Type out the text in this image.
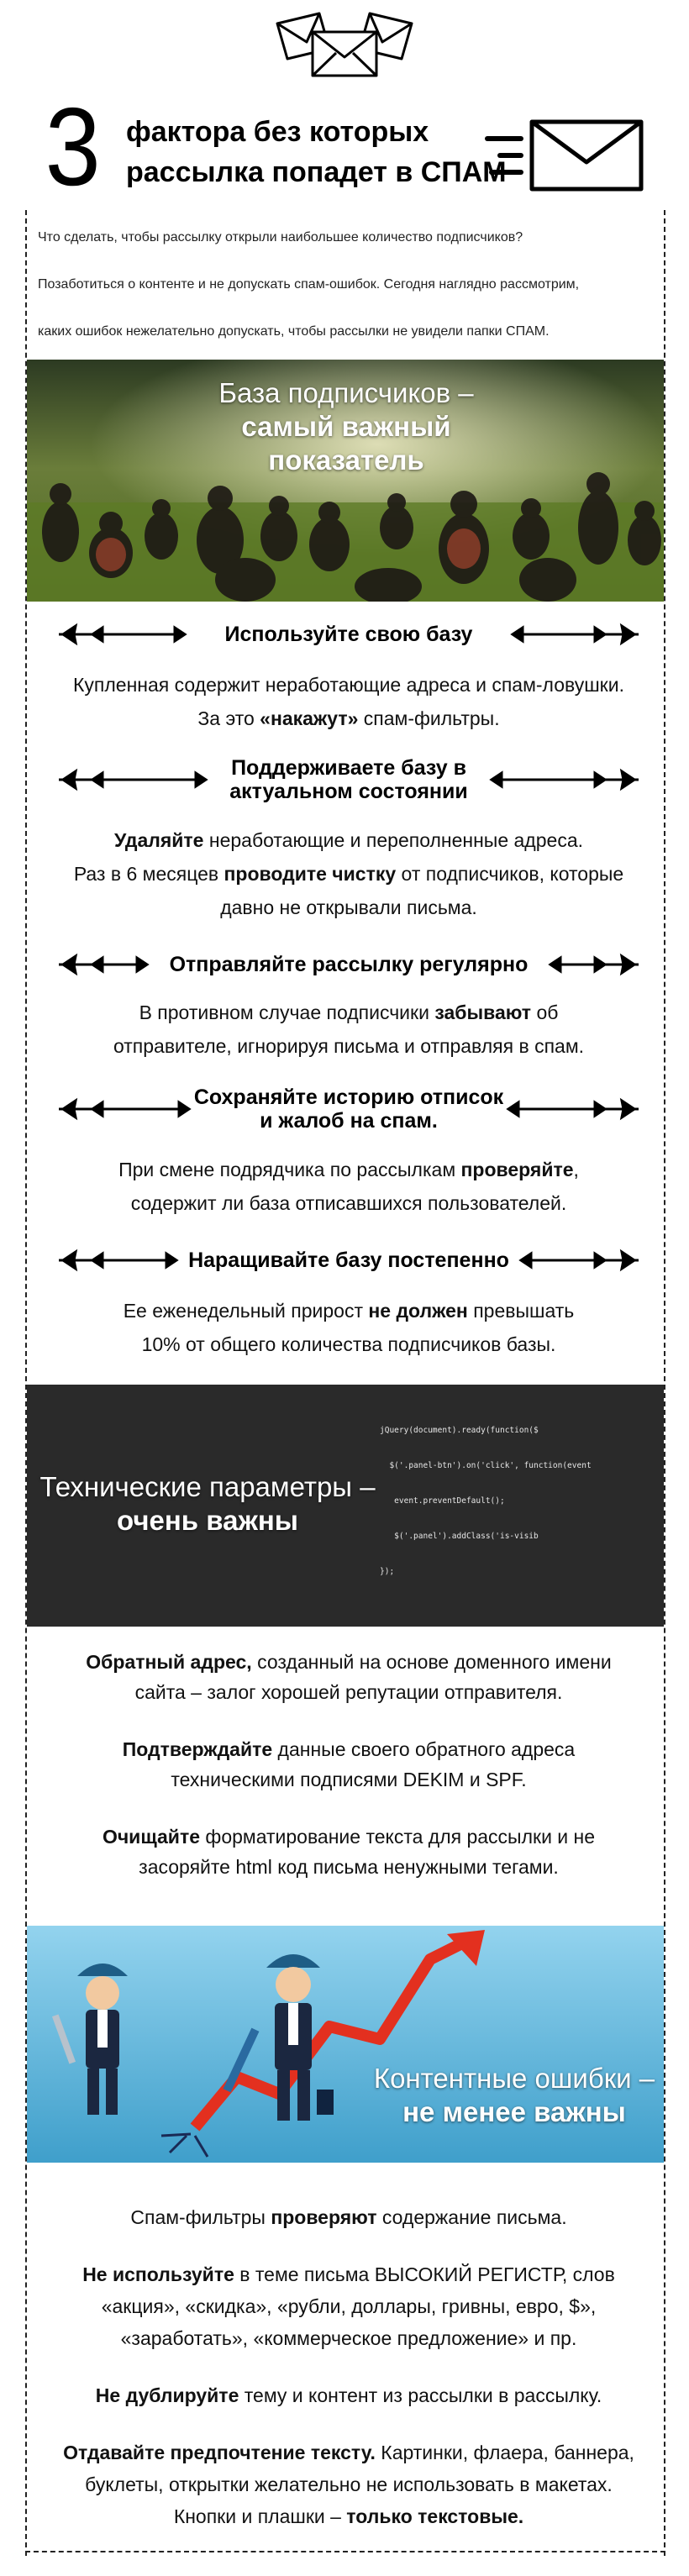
3 фактора без которых
рассылка попадет в СПАМ

Что сделать, чтобы рассылку открыли наибольшее количество подписчиков?

Позаботиться о контенте и не допускать спам-ошибок. Сегодня наглядно рассмотрим,

каких ошибок нежелательно допускать, чтобы рассылки не увидели папки СПАМ.

База подписчиков –
самый важный показатель
Используйте свою базу
Купленная содержит неработающие адреса и спам-ловушки.
За это «накажут» спам-фильтры.
Поддерживаете базу в
актуальном состоянии
Удаляйте неработающие и переполненные адреса.
Раз в 6 месяцев проводите чистку от подписчиков, которые
давно не открывали письма.
Отправляйте рассылку регулярно
В противном случае подписчики забывают об
отправителе, игнорируя письма и отправляя в спам.
Сохраняйте историю отписок
и жалоб на спам.
При смене подрядчика по рассылкам проверяйте,
содержит ли база отписавшихся пользователей.
Наращивайте базу постепенно
Ее еженедельный прирост не должен превышать
10% от общего количества подписчиков базы.

jQuery(document).ready(function($

$('.panel-btn').on('click', function(event

event.preventDefault();

$('.panel').addClass('is-visib

});

Технические параметры –
очень важны
Обратный адрес, созданный на основе доменного имени
сайта – залог хорошей репутации отправителя.
Подтверждайте данные своего обратного адреса
техническими подписями DEKIM и SPF.
Очищайте форматирование текста для рассылки и не
засоряйте html код письма ненужными тегами.
Контентные ошибки –
не менее важны
Спам-фильтры проверяют содержание письма.
Не используйте в теме письма ВЫСОКИЙ РЕГИСТР, слов
«акция», «скидка», «рубли, доллары, гривны, евро, $»,
«заработать», «коммерческое предложение» и пр.
Не дублируйте тему и контент из рассылки в рассылку.
Отдавайте предпочтение тексту. Картинки, флаера, баннера,
буклеты, открытки желательно не использовать в макетах.
Кнопки и плашки – только текстовые.
